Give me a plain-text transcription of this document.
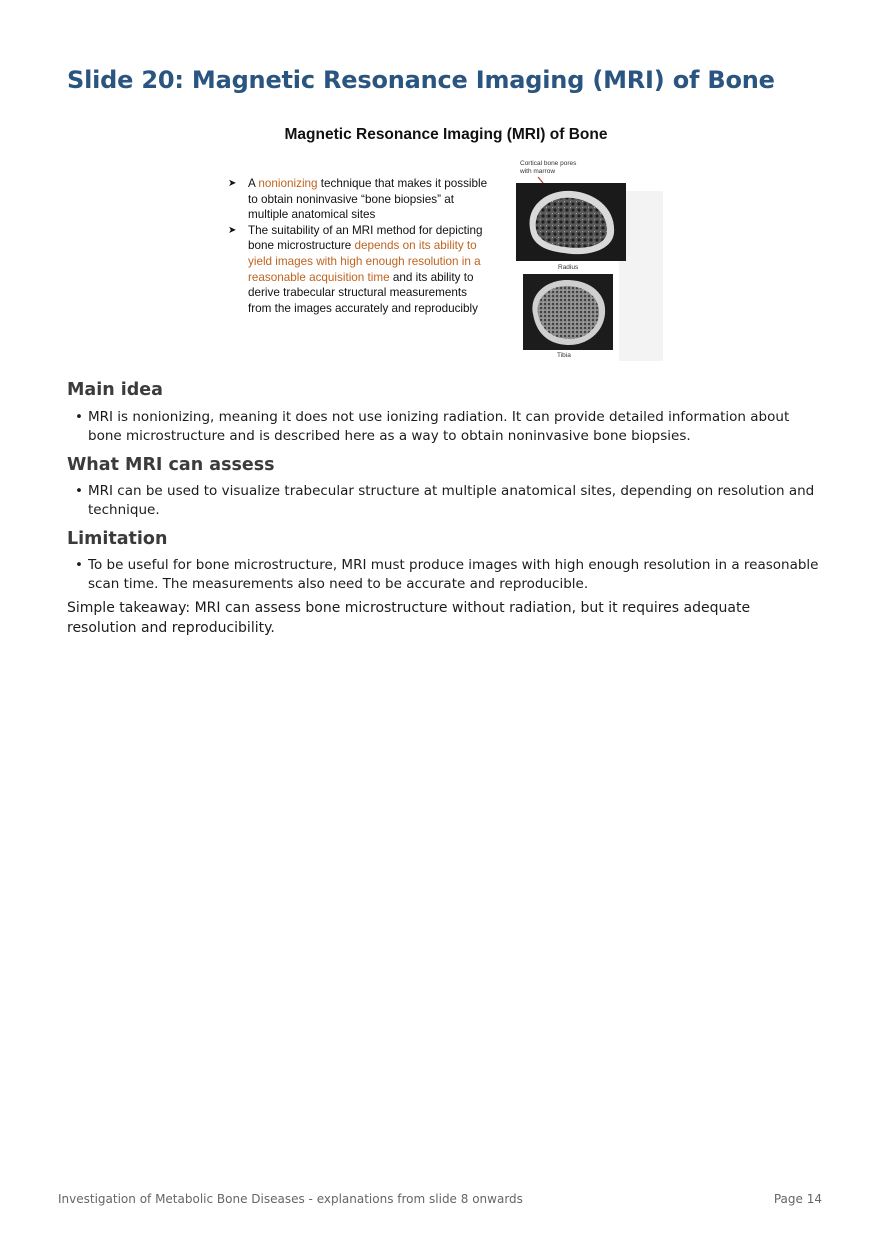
Slide 20: Magnetic Resonance Imaging (MRI) of Bone
Magnetic Resonance Imaging (MRI) of Bone
➤ A nonionizing technique that makes it possible to obtain noninvasive “bone biopsies” at multiple anatomical sites
➤ The suitability of an MRI method for depicting bone microstructure depends on its ability to yield images with high enough resolution in a reasonable acquisition time and its ability to derive trabecular structural measurements from the images accurately and reproducibly
Cortical bone pores with marrow
Radius
Tibia
Main idea
• MRI is nonionizing, meaning it does not use ionizing radiation. It can provide detailed information about bone microstructure and is described here as a way to obtain noninvasive bone biopsies.
What MRI can assess
• MRI can be used to visualize trabecular structure at multiple anatomical sites, depending on resolution and technique.
Limitation
• To be useful for bone microstructure, MRI must produce images with high enough resolution in a reasonable scan time. The measurements also need to be accurate and reproducible.

Simple takeaway: MRI can assess bone microstructure without radiation, but it requires adequate resolution and reproducibility.

Investigation of Metabolic Bone Diseases - explanations from slide 8 onwards	Page 14
